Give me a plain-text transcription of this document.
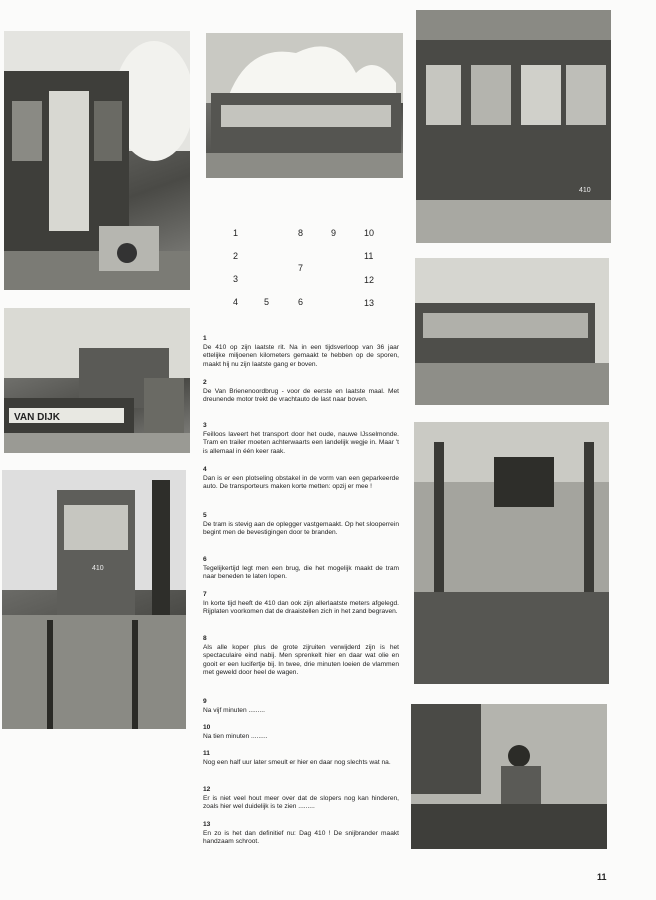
410
VAN DIJK
410
1	8	9	10
2	11
7
3	12
4	5	6	13
1
De 410 op zijn laatste rit. Na in een tijdsverloop van 36 jaar ettelijke miljoenen kilometers gemaakt te hebben op de sporen, maakt hij nu zijn laatste gang er boven.
2
De Van Brienenoordbrug - voor de eerste en laatste maal. Met dreunende motor trekt de vrachtauto de last naar boven.
3
Feilloos laveert het transport door het oude, nauwe IJsselmonde. Tram en trailer moeten achterwaarts een landelijk wegje in. Maar 't is allemaal in één keer raak.
4
Dan is er een plotseling obstakel in de vorm van een geparkeerde auto. De transporteurs maken korte metten: opzij er mee !
5
De tram is stevig aan de oplegger vastgemaakt. Op het slooperrein begint men de bevestigingen door te branden.
6
Tegelijkertijd legt men een brug, die het mogelijk maakt de tram naar beneden te laten lopen.
7
In korte tijd heeft de 410 dan ook zijn allerlaatste meters afgelegd. Rijplaten voorkomen dat de draaistellen zich in het zand begraven.
8
Als alle koper plus de grote zijruiten verwijderd zijn is het spectaculaire eind nabij. Men sprenkelt hier en daar wat olie en gooit er een lucifertje bij. In twee, drie minuten loeien de vlammen met geweld door heel de wagen.
9
Na vijf minuten .........
10
Na tien minuten .........
11
Nog een half uur later smeult er hier en daar nog slechts wat na.
12
Er is niet veel hout meer over dat de slopers nog kan hinderen, zoals hier wel duidelijk is te zien .........
13
En zo is het dan definitief nu: Dag 410 ! De snijbrander maakt handzaam schroot.
11
